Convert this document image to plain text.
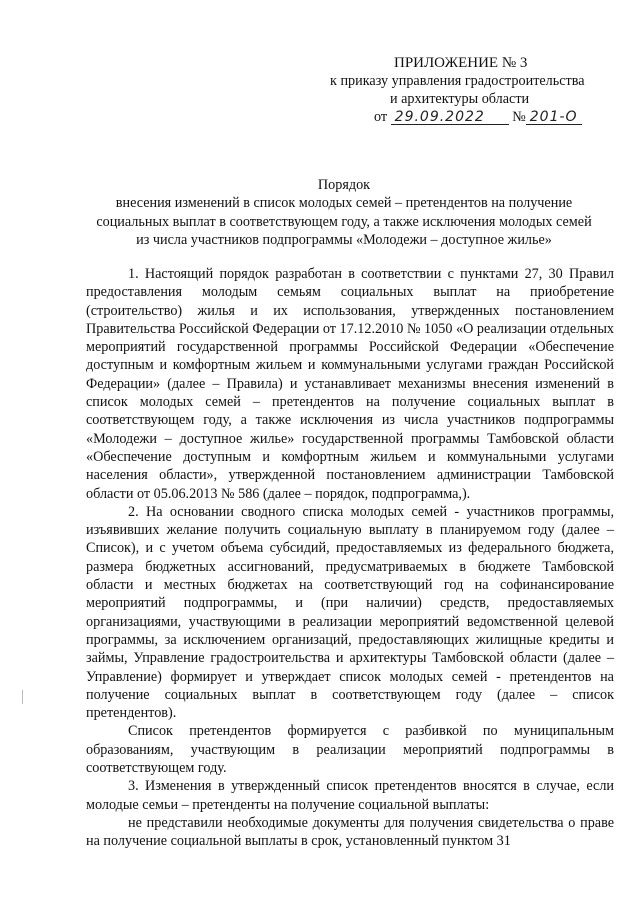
ПРИЛОЖЕНИЕ № 3
к приказу управления градостроительства
и архитектуры области
от 29.09.2022 № 201-О
Порядок
внесения изменений в список молодых семей – претендентов на получение социальных выплат в соответствующем году, а также исключения молодых семей из числа участников подпрограммы «Молодежи – доступное жилье»

1. Настоящий порядок разработан в соответствии с пунктами 27, 30 Правил предоставления молодым семьям социальных выплат на приобретение (строительство) жилья и их использования, утвержденных постановлением Правительства Российской Федерации от 17.12.2010 № 1050 «О реализации отдельных мероприятий государственной программы Российской Федерации «Обеспечение доступным и комфортным жильем и коммунальными услугами граждан Российской Федерации» (далее – Правила) и устанавливает механизмы внесения изменений в список молодых семей – претендентов на получение социальных выплат в соответствующем году, а также исключения из числа участников подпрограммы «Молодежи – доступное жилье» государственной программы Тамбовской области «Обеспечение доступным и комфортным жильем и коммунальными услугами населения области», утвержденной постановлением администрации Тамбовской области от 05.06.2013 № 586 (далее – порядок, подпрограмма,).

2. На основании сводного списка молодых семей - участников программы, изъявивших желание получить социальную выплату в планируемом году (далее – Список), и с учетом объема субсидий, предоставляемых из федерального бюджета, размера бюджетных ассигнований, предусматриваемых в бюджете Тамбовской области и местных бюджетах на соответствующий год на софинансирование мероприятий подпрограммы, и (при наличии) средств, предоставляемых организациями, участвующими в реализации мероприятий ведомственной целевой программы, за исключением организаций, предоставляющих жилищные кредиты и займы, Управление градостроительства и архитектуры Тамбовской области (далее – Управление) формирует и утверждает список молодых семей - претендентов на получение социальных выплат в соответствующем году (далее – список претендентов).

Список претендентов формируется с разбивкой по муниципальным образованиям, участвующим в реализации мероприятий подпрограммы в соответствующем году.

3. Изменения в утвержденный список претендентов вносятся в случае, если молодые семьи – претенденты на получение социальной выплаты:

не представили необходимые документы для получения свидетельства о праве на получение социальной выплаты в срок, установленный пунктом 31
